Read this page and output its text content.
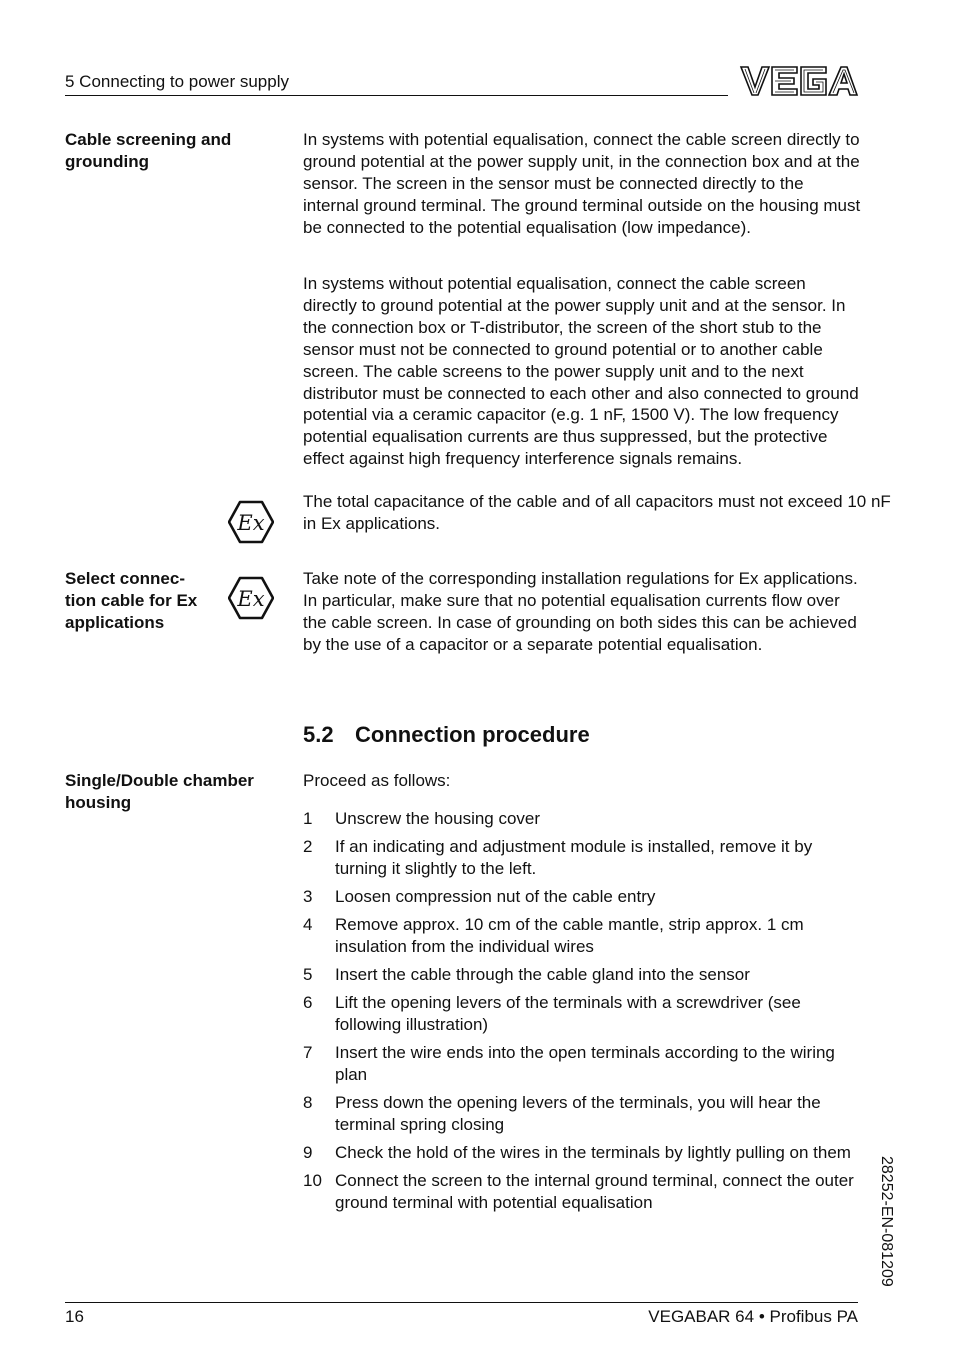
5 Connecting to power supply
Cable screening and
grounding

In systems with potential equalisation, connect the cable screen directly to ground potential at the power supply unit, in the connection box and at the sensor. The screen in the sensor must be connected directly to the internal ground terminal. The ground terminal outside on the housing must be connected to the potential equalisation (low impedance).

In systems without potential equalisation, connect the cable screen directly to ground potential at the power supply unit and at the sensor. In the connection box or T-distributor, the screen of the short stub to the sensor must not be connected to ground potential or to another cable screen. The cable screens to the power supply unit and to the next distributor must be connected to each other and also connected to ground potential via a ceramic capacitor (e.g. 1 nF, 1500 V). The low frequency potential equalisation currents are thus suppressed, but the protective effect against high frequency interference signals remains.

Ex

The total capacitance of the cable and of all capacitors must not exceed 10 nF in Ex applications.

Select connec-
tion cable for Ex
applications
Ex

Take note of the corresponding installation regulations for Ex applications. In particular, make sure that no potential equalisation currents flow over the cable screen. In case of grounding on both sides this can be achieved by the use of a capacitor or a separate potential equalisation.

5.2 Connection procedure
Single/Double chamber
housing

Proceed as follows:

1 Unscrew the housing cover
2 If an indicating and adjustment module is installed, remove it by turning it slightly to the left.
3 Loosen compression nut of the cable entry
4 Remove approx. 10 cm of the cable mantle, strip approx. 1 cm insulation from the individual wires
5 Insert the cable through the cable gland into the sensor
6 Lift the opening levers of the terminals with a screwdriver (see following illustration)
7 Insert the wire ends into the open terminals according to the wiring plan
8 Press down the opening levers of the terminals, you will hear the terminal spring closing
9 Check the hold of the wires in the terminals by lightly pulling on them
10 Connect the screen to the internal ground terminal, connect the outer ground terminal with potential equalisation	28252-EN-081209
16	VEGABAR 64 • Profibus PA
